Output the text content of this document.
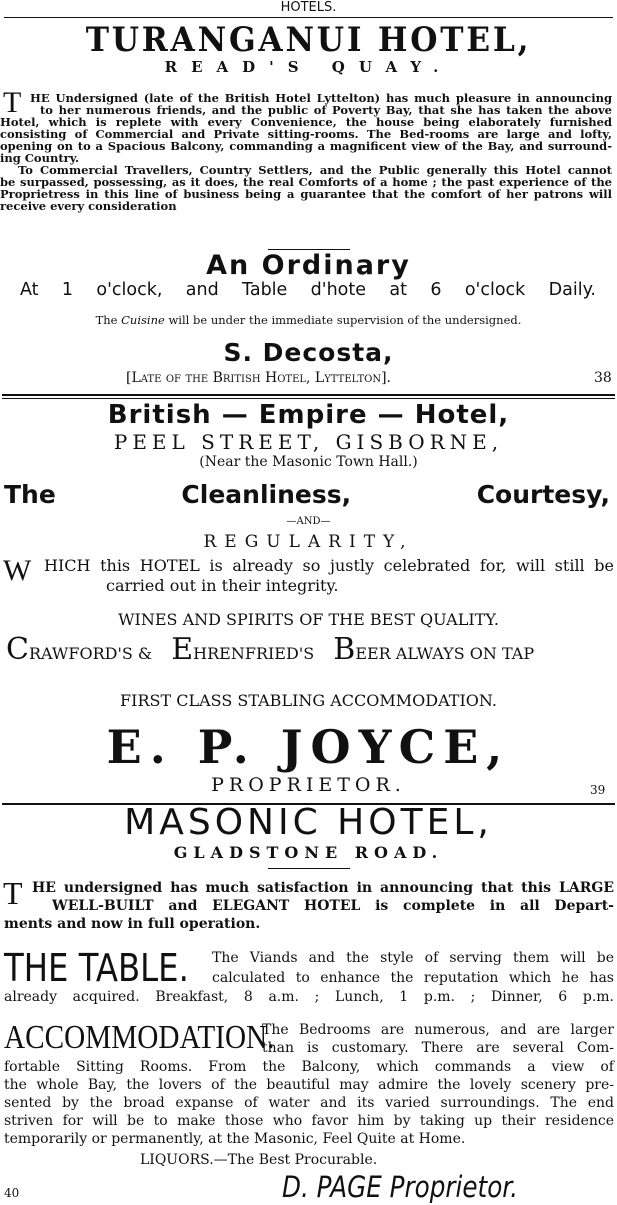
HOTELS.
TURANGANUI HOTEL,
READ'S QUAY.
T HE Undersigned (late of the British Hotel Lyttelton) has much pleasure in announcing
to her numerous friends, and the public of Poverty Bay, that she has taken the above
Hotel, which is replete with every Convenience, the house being elaborately furnished
consisting of Commercial and Private sitting-rooms. The Bed-rooms are large and lofty,
opening on to a Spacious Balcony, commanding a magnificent view of the Bay, and surround-
ing Country.
To Commercial Travellers, Country Settlers, and the Public generally this Hotel cannot
be surpassed, possessing, as it does, the real Comforts of a home ; the past experience of the
Proprietress in this line of business being a guarantee that the comfort of her patrons will
receive every consideration
An Ordinary
At 1 o'clock, and Table d'hote at 6 o'clock Daily.
The Cuisine will be under the immediate supervision of the undersigned.
S. Decosta,
[Late of the British Hotel, Lyttelton].	38
British — Empire — Hotel,
PEEL STREET, GISBORNE,
(Near the Masonic Town Hall.)
The Cleanliness, Courtesy,
—AND—
REGULARITY,
W HICH this HOTEL is already so justly celebrated for, will still be
carried out in their integrity.
WINES AND SPIRITS OF THE BEST QUALITY.
CRAWFORD'S & EHRENFRIED'S BEER ALWAYS ON TAP
FIRST CLASS STABLING ACCOMMODATION.
E. P. JOYCE,
PROPRIETOR.	39
MASONIC HOTEL,
GLADSTONE ROAD.
T HE undersigned has much satisfaction in announcing that this LARGE
WELL-BUILT and ELEGANT HOTEL is complete in all Depart-
ments and now in full operation.
THE TABLE. The Viands and the style of serving them will be
calculated to enhance the reputation which he has
already acquired. Breakfast, 8 a.m. ; Lunch, 1 p.m. ; Dinner, 6 p.m.
ACCOMMODATION.
The Bedrooms are numerous, and are larger
than is customary. There are several Com-
fortable Sitting Rooms. From the Balcony, which commands a view of
the whole Bay, the lovers of the beautiful may admire the lovely scenery pre-
sented by the broad expanse of water and its varied surroundings. The end
striven for will be to make those who favor him by taking up their residence
temporarily or permanently, at the Masonic, Feel Quite at Home.
LIQUORS.—The Best Procurable.
40	D. PAGE Proprietor.
